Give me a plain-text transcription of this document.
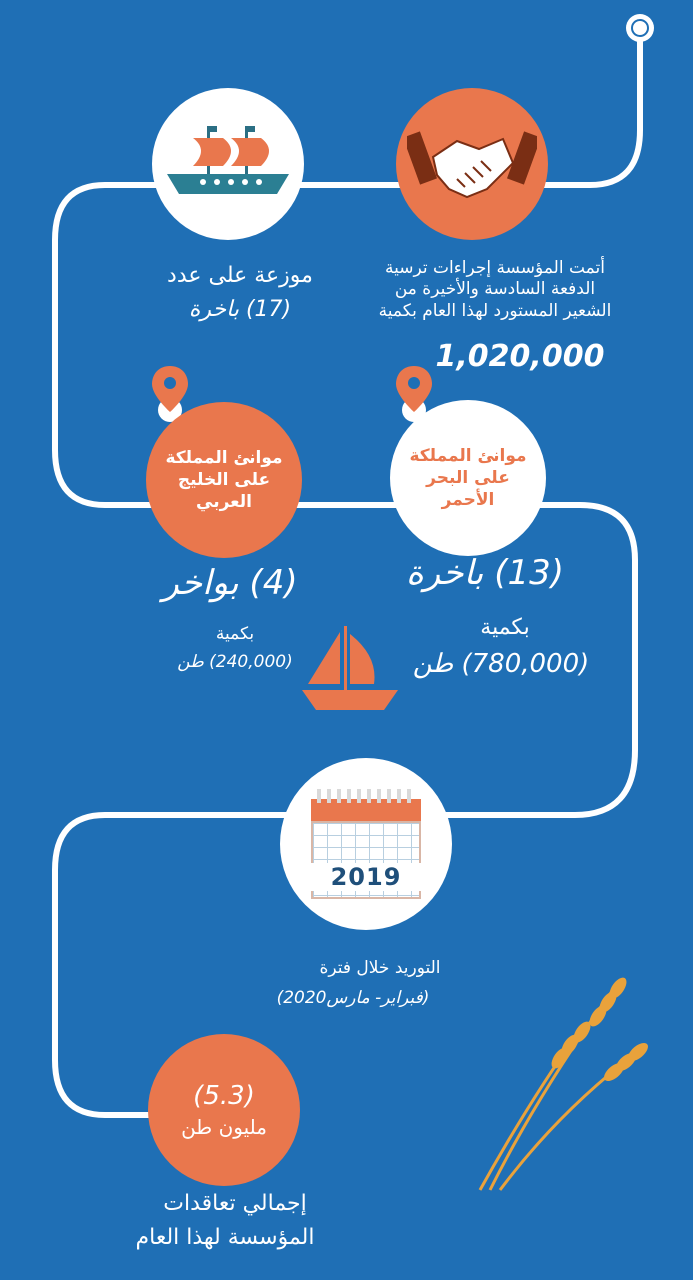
أتمت المؤسسة إجراءات ترسية الدفعة السادسة والأخيرة من الشعير المستورد لهذا العام بكمية
1,020,000
موزعة على عدد
(17) باخرة
موانئ المملكة على الخليج العربي
موانئ المملكة على البحر الأحمر
(13) باخرة
(4) بواخر
بكمية
(780,000) طن
بكمية
(240,000) طن
2019
التوريد خلال فترة
(فبراير- مارس2020)
(5.3)
مليون طن
إجمالي تعاقدات
المؤسسة لهذا العام
